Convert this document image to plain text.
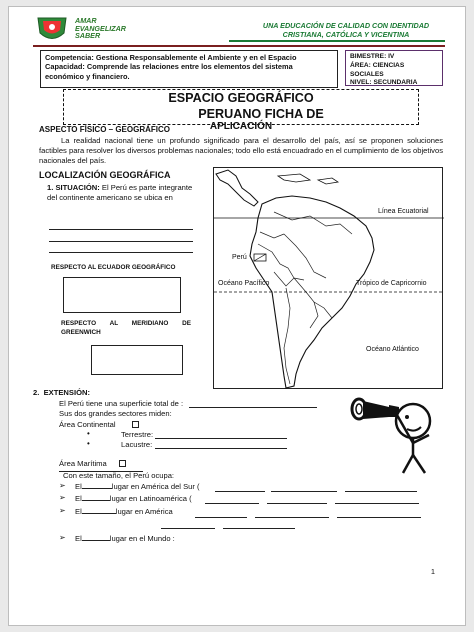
AMAR
EVANGELIZAR
SABER
UNA EDUCACIÓN DE CALIDAD CON IDENTIDAD
CRISTIANA, CATÓLICA Y VICENTINA
Competencia: Gestiona Responsablemente el Ambiente y en el Espacio
Capacidad: Comprende las relaciones entre los elementos del sistema económico y financiero.
BIMESTRE: IV
ÁREA: CIENCIAS SOCIALES
NIVEL: SECUNDARIA
ESPACIO GEOGRÁFICO
PERUANO FICHA DE
APLICACIÓN
ASPECTO FÍSICO – GEOGRÁFICO
La realidad nacional tiene un profundo significado para el desarrollo del país, así se proponen soluciones factibles para resolver los diversos problemas nacionales; todo ello está encuadrado en el cumplimiento de los objetivos nacionales del país.
LOCALIZACIÓN GEOGRÁFICA
1. SITUACIÓN: El Perú es parte integrante del continente americano se ubica en
RESPECTO AL ECUADOR GEOGRÁFICO
RESPECTO AL MERIDIANO DE
GREENWICH
Línea Ecuatorial
Perú
Océano Pacífico	Trópico de Capricornio
Océano Atlántico
2. EXTENSIÓN:
El Perú tiene una superficie total de :
Sus dos grandes sectores miden:
Área Continental
•	Terrestre:
•	Lacustre:
Área Marítima
Con este tamaño, el Perú ocupa:
➢ El	lugar en América del Sur (
➢ El	lugar en Latinoamérica (
➢ El	lugar en América
➢ El	lugar en el Mundo :
1
